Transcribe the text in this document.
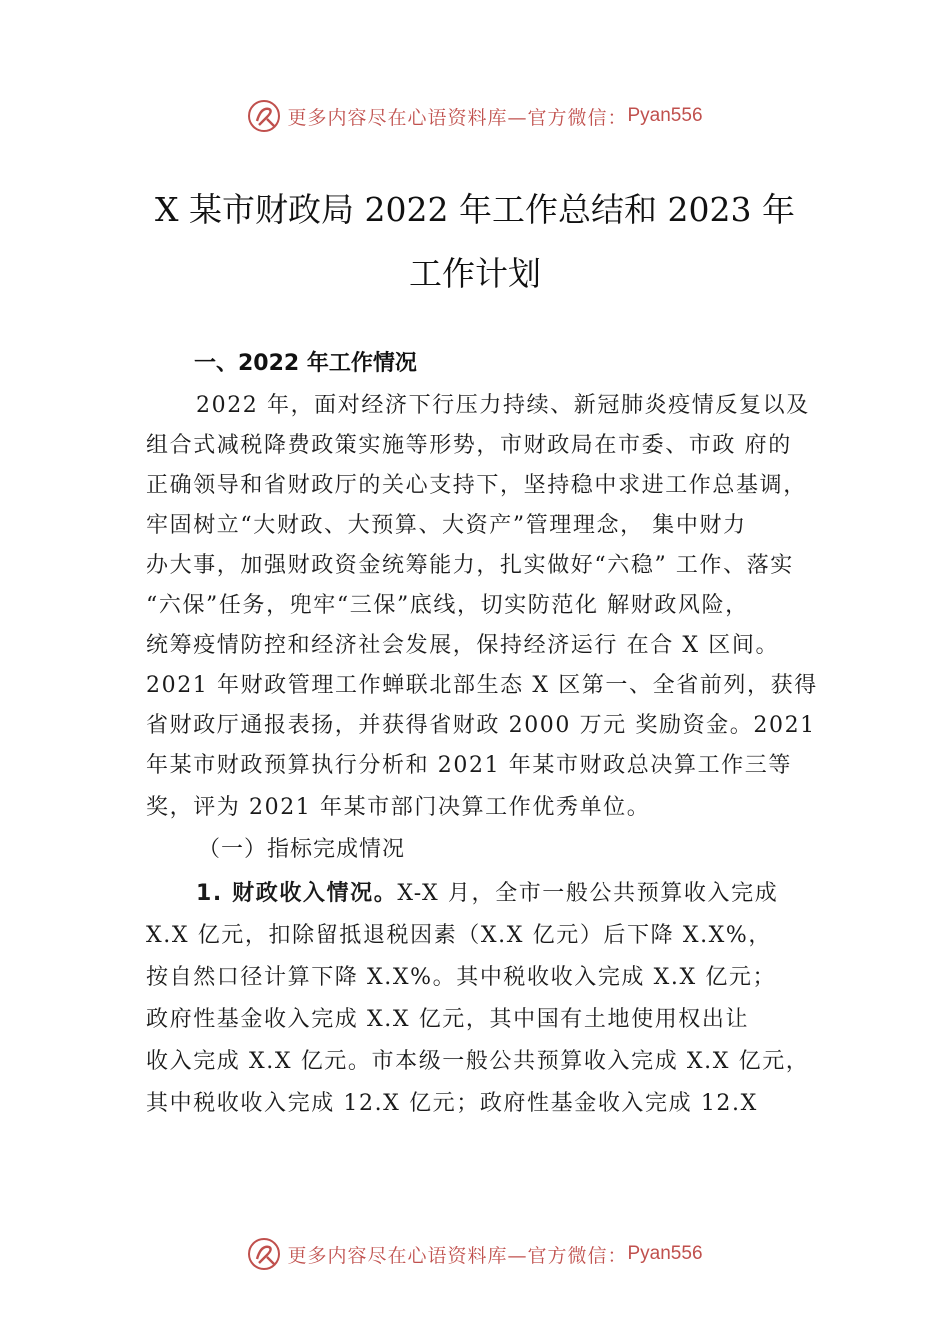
更多内容尽在心语资料库—官方微信： Pyan556
X 某市财政局 2022 年工作总结和 2023 年
工作计划
一、2022 年工作情况
2022 年，面对经济下行压力持续、新冠肺炎疫情反复以及
组合式减税降费政策实施等形势，市财政局在市委、市政 府的
正确领导和省财政厅的关心支持下，坚持稳中求进工作总基调，
牢固树立“大财政、大预算、大资产”管理理念， 集中财力
办大事，加强财政资金统筹能力，扎实做好“六稳” 工作、落实
“六保”任务，兜牢“三保”底线，切实防范化 解财政风险，
统筹疫情防控和经济社会发展，保持经济运行 在合 X 区间。
2021 年财政管理工作蝉联北部生态 X 区第一、全省前列，获得
省财政厅通报表扬，并获得省财政 2000 万元 奖励资金。2021
年某市财政预算执行分析和 2021 年某市财政总决算工作三等
奖，评为 2021 年某市部门决算工作优秀单位。
（一）指标完成情况
1. 财政收入情况。X-X 月，全市一般公共预算收入完成
X.X 亿元，扣除留抵退税因素（X.X 亿元）后下降 X.X%，
按自然口径计算下降 X.X%。其中税收收入完成 X.X 亿元；
政府性基金收入完成 X.X 亿元，其中国有土地使用权出让
收入完成 X.X 亿元。市本级一般公共预算收入完成 X.X 亿元，
其中税收收入完成 12.X 亿元；政府性基金收入完成 12.X
更多内容尽在心语资料库—官方微信： Pyan556
